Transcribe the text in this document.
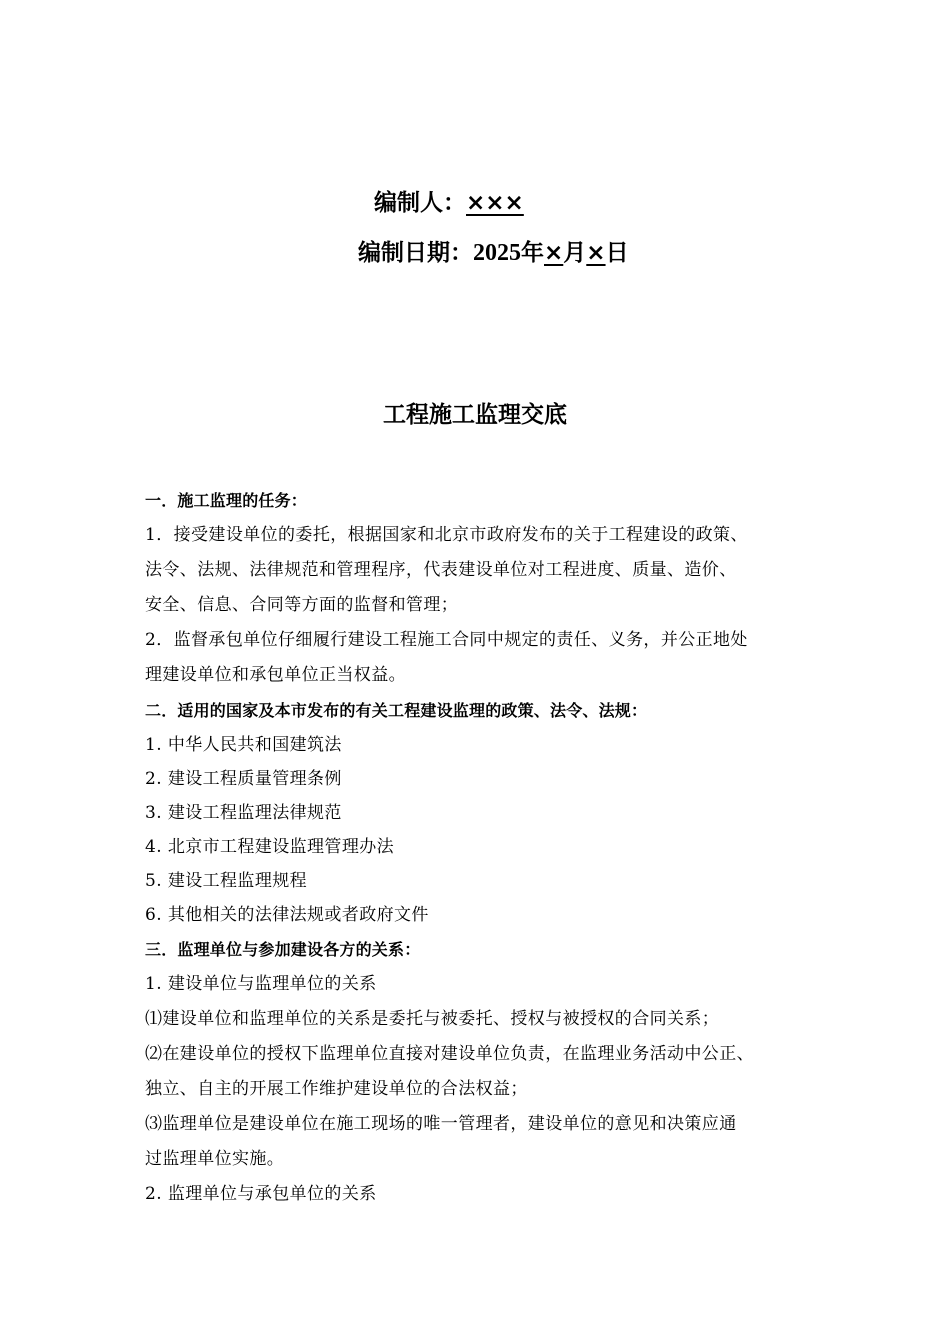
编制人：×××
编制日期：2025年×月×日
工程施工监理交底
一．施工监理的任务：
1．接受建设单位的委托，根据国家和北京市政府发布的关于工程建设的政策、
法令、法规、法律规范和管理程序，代表建设单位对工程进度、质量、造价、
安全、信息、合同等方面的监督和管理；
2．监督承包单位仔细履行建设工程施工合同中规定的责任、义务，并公正地处
理建设单位和承包单位正当权益。
二．适用的国家及本市发布的有关工程建设监理的政策、法令、法规：
1. 中华人民共和国建筑法
2. 建设工程质量管理条例
3. 建设工程监理法律规范
4. 北京市工程建设监理管理办法
5. 建设工程监理规程
6. 其他相关的法律法规或者政府文件
三．监理单位与参加建设各方的关系：
1. 建设单位与监理单位的关系
⑴建设单位和监理单位的关系是委托与被委托、授权与被授权的合同关系；
⑵在建设单位的授权下监理单位直接对建设单位负责，在监理业务活动中公正、
独立、自主的开展工作维护建设单位的合法权益；
⑶监理单位是建设单位在施工现场的唯一管理者，建设单位的意见和决策应通
过监理单位实施。
2. 监理单位与承包单位的关系
